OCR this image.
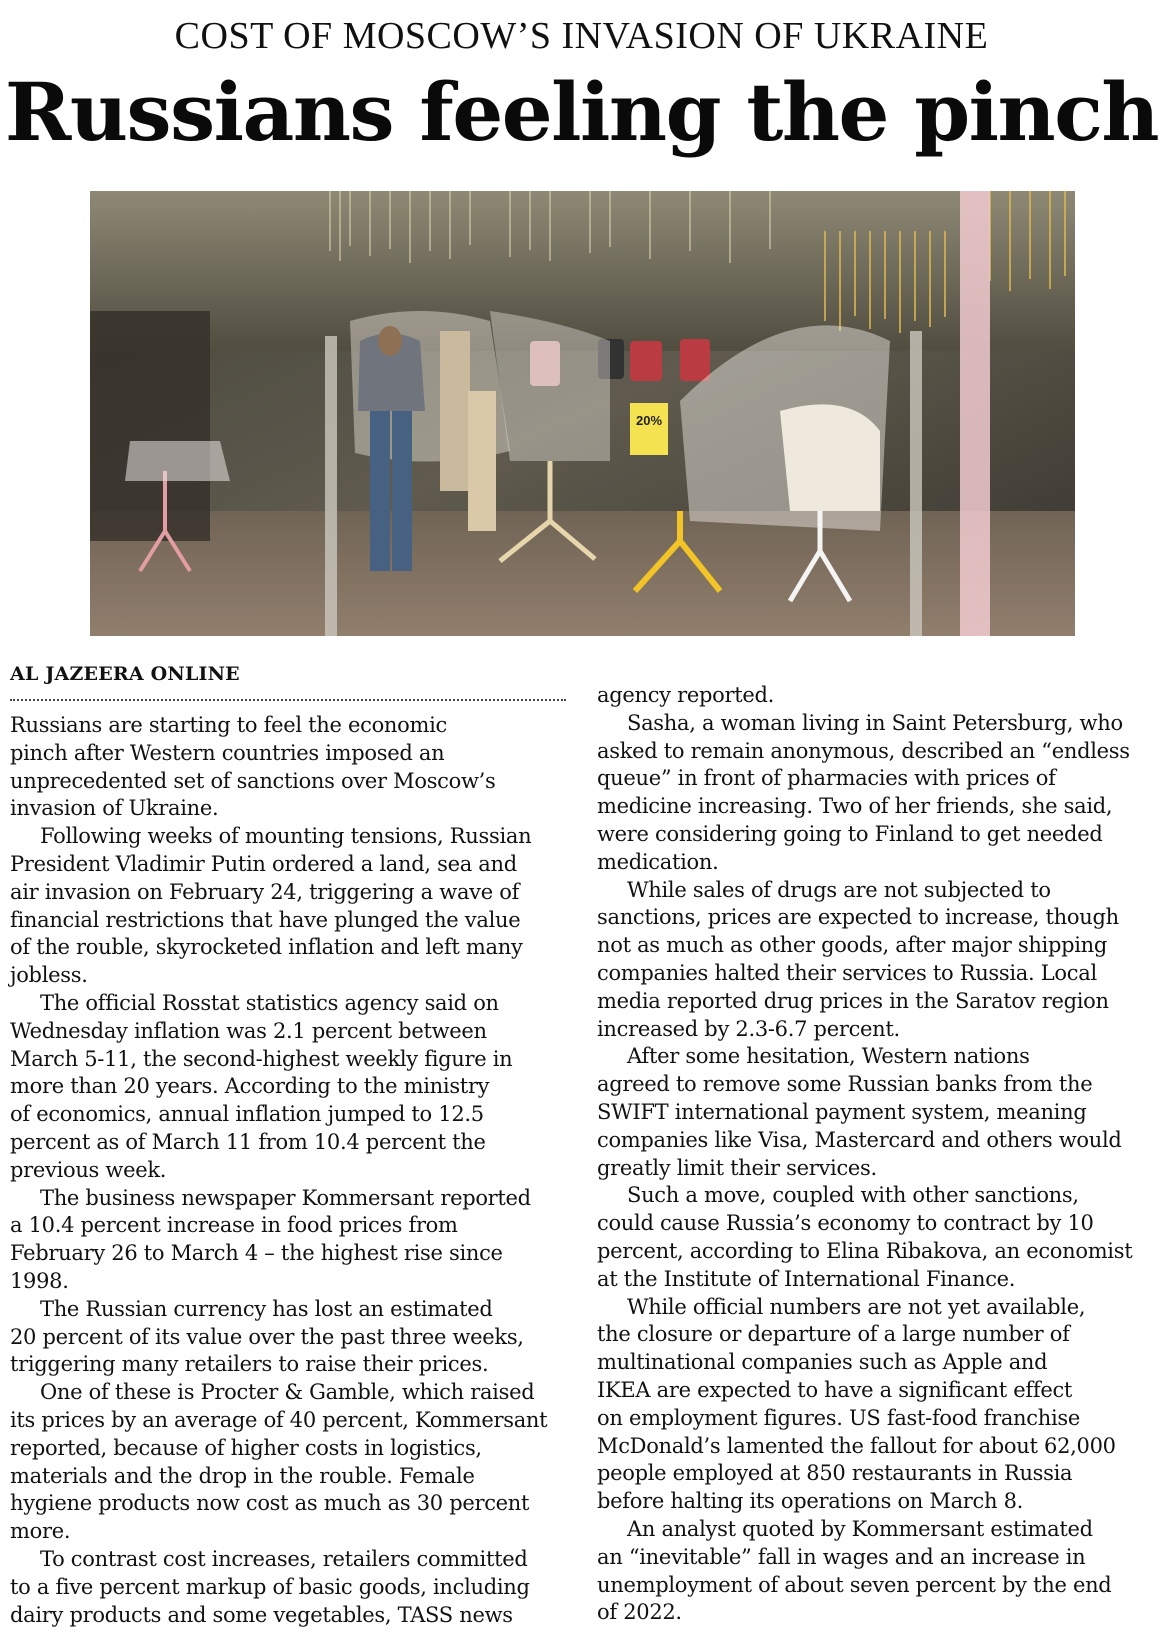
COST OF MOSCOW’S INVASION OF UKRAINE
Russians feeling the pinch
20%
AL JAZEERA ONLINE
Russians are starting to feel the economic
pinch after Western countries imposed an
unprecedented set of sanctions over Moscow’s
invasion of Ukraine.
Following weeks of mounting tensions, Russian
President Vladimir Putin ordered a land, sea and
air invasion on February 24, triggering a wave of
financial restrictions that have plunged the value
of the rouble, skyrocketed inflation and left many
jobless.
The official Rosstat statistics agency said on
Wednesday inflation was 2.1 percent between
March 5-11, the second-highest weekly figure in
more than 20 years. According to the ministry
of economics, annual inflation jumped to 12.5
percent as of March 11 from 10.4 percent the
previous week.
The business newspaper Kommersant reported
a 10.4 percent increase in food prices from
February 26 to March 4 – the highest rise since
1998.
The Russian currency has lost an estimated
20 percent of its value over the past three weeks,
triggering many retailers to raise their prices.
One of these is Procter & Gamble, which raised
its prices by an average of 40 percent, Kommersant
reported, because of higher costs in logistics,
materials and the drop in the rouble. Female
hygiene products now cost as much as 30 percent
more.
To contrast cost increases, retailers committed
to a five percent markup of basic goods, including
dairy products and some vegetables, TASS news
agency reported.
Sasha, a woman living in Saint Petersburg, who
asked to remain anonymous, described an “endless
queue” in front of pharmacies with prices of
medicine increasing. Two of her friends, she said,
were considering going to Finland to get needed
medication.
While sales of drugs are not subjected to
sanctions, prices are expected to increase, though
not as much as other goods, after major shipping
companies halted their services to Russia. Local
media reported drug prices in the Saratov region
increased by 2.3-6.7 percent.
After some hesitation, Western nations
agreed to remove some Russian banks from the
SWIFT international payment system, meaning
companies like Visa, Mastercard and others would
greatly limit their services.
Such a move, coupled with other sanctions,
could cause Russia’s economy to contract by 10
percent, according to Elina Ribakova, an economist
at the Institute of International Finance.
While official numbers are not yet available,
the closure or departure of a large number of
multinational companies such as Apple and
IKEA are expected to have a significant effect
on employment figures. US fast-food franchise
McDonald’s lamented the fallout for about 62,000
people employed at 850 restaurants in Russia
before halting its operations on March 8.
An analyst quoted by Kommersant estimated
an “inevitable” fall in wages and an increase in
unemployment of about seven percent by the end
of 2022.
